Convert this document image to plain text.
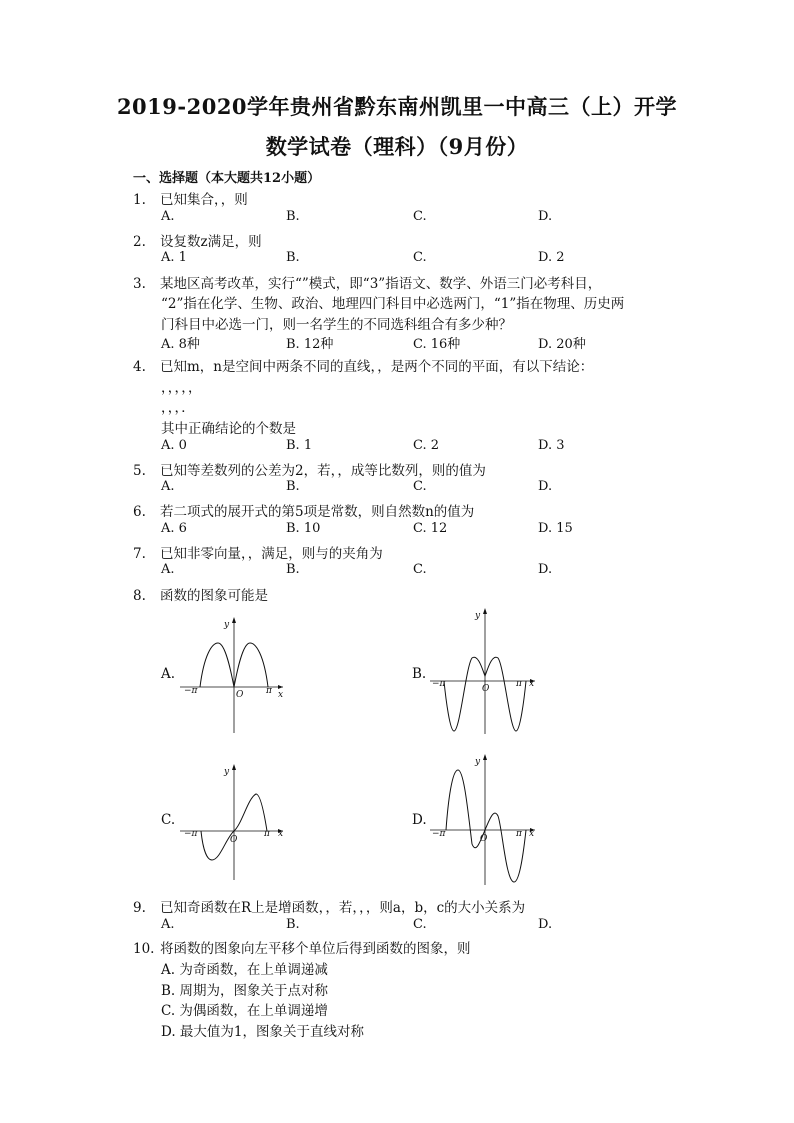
2019-2020学年贵州省黔东南州凯里一中高三（上）开学
数学试卷（理科）（9月份）
一、选择题（本大题共12小题）
1. 已知集合，，则
A.	B.	C.	D.
2. 设复数z满足，则
A. 1	B.	C.	D. 2
3. 某地区高考改革，实行“”模式，即“3”指语文、数学、外语三门必考科目，
“2”指在化学、生物、政治、地理四门科目中必选两门，“1”指在物理、历史两
门科目中必选一门，则一名学生的不同选科组合有多少种？
A. 8种	B. 12种	C. 16种	D. 20种
4. 已知m，n是空间中两条不同的直线，，是两个不同的平面，有以下结论：
，，，，，
，，，．
其中正确结论的个数是
A. 0	B. 1	C. 2	D. 3
5. 已知等差数列的公差为2，若，，成等比数列，则的值为
A.	B.	C.	D.
6. 若二项式的展开式的第5项是常数，则自然数n的值为
A. 6	B. 10	C. 12	D. 15
7. 已知非零向量，，满足，则与的夹角为
A.	B.	C.	D.
8. 函数的图象可能是
A.	B.
C.	D.
y
x
O
−π	π
y
x
O
−π	π
y
x
O
−π	π
y
x
O
−π	π
9. 已知奇函数在R上是增函数，，若，，，则a，b，c的大小关系为
A.	B.	C.	D.
10. 将函数的图象向左平移个单位后得到函数的图象，则
A. 为奇函数，在上单调递减
B. 周期为，图象关于点对称
C. 为偶函数，在上单调递增
D. 最大值为1，图象关于直线对称
